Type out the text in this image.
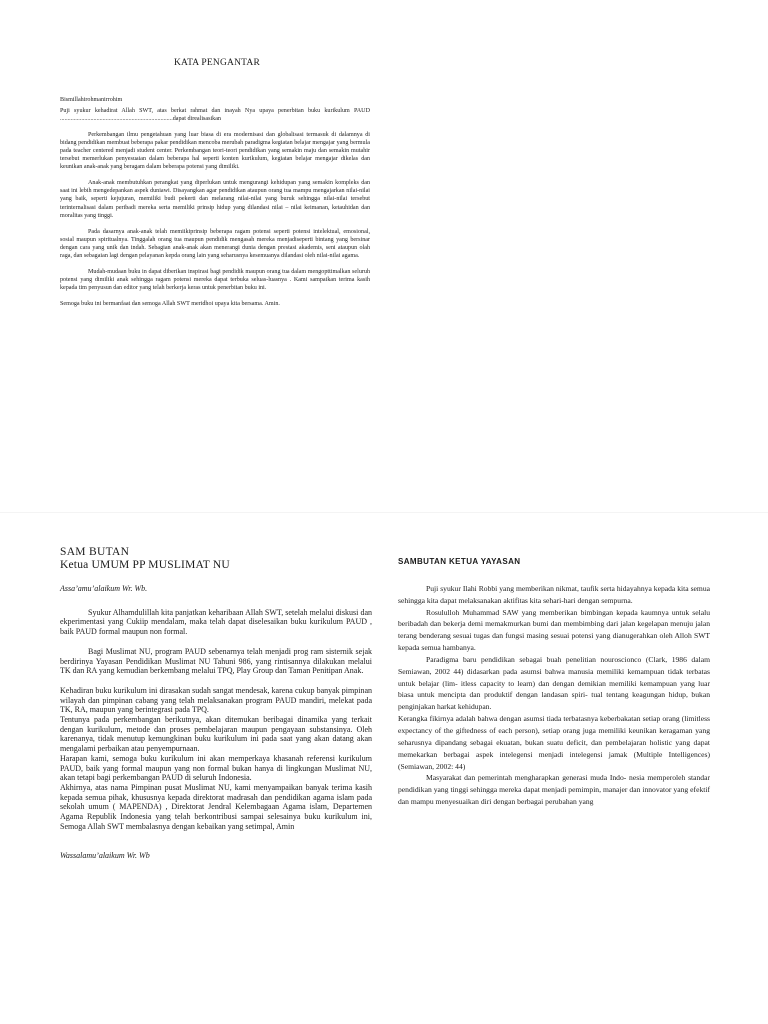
KATA PENGANTAR

Bismillahirohmanirrohim

Puji syukur kehadirat Allah SWT, atas berkat rahmat dan inayah Nya upaya penerbitan buku kurikulum PAUD ..........................................................................dapat direalisasikan

Perkembangan ilmu pengetahuan yang luar biasa di era modernisasi dan globalisasi termasuk di dalamnya di bidang pendidikan membuat beberapa pakar pendidikan mencoba merubah paradigma kegiatan belajar mengajar yang bermula pada teacher centered menjadi student center. Perkembangan teori-teori pendidikan yang semakin maju dan semakin mutahir tersebut memerlukan penyesuaian dalam beberapa hal seperti konten kurikulum, kegiatan belajar mengajar dikelas dan keunikan anak-anak yang beragam dalam beberapa potensi yang dimiliki.

Anak-anak membutuhkan perangkat yang diperlukan untuk mengurangi kehidupan yang semakin kompleks dan saat ini lebih mengedepankan aspek duniawi. Disayangkan agar pendidikan ataupun orang tua mampu mengajarkan nilai-nilai yang baik, seperti kejujuran, memiliki budi pekerti dan melarang nilai-nilai yang buruk sehingga nilai-nilai tersebut terinternalisasi dalam peribadi mereka serta memiliki prinsip hidup yang dilandasi nilai – nilai keimanan, ketauhidan dan moralitas yang tinggi.

Pada dasarnya anak-anak telah memiikiprinsip beberapa ragam potensi seperti potensi intelektual, emosional, sosial maupun spiritualnya. Tinggalah orang tua maupun pendidik mengasah mereka menjadiseperti bintang yang bersinar dengan cara yang unik dan indah. Sebagian anak-anak akan menerangi dunia dengan prestasi akademis, seni ataupun olah raga, dan sebagaian lagi dengan pelayanan kepda orang lain yang seharusnya kesemuanya dilandasi oleh nilai-nilai agama.

Mudah-mudaan buku in dapat diberikan inspirasi bagi pendidik maupun orang tua dalam mengopttimalkan seluruh potensi yang dimiliki anak sehingga ragam potensi mereka dapat terbuka seluas-luasnya . Kami sampaikan terima kasih kepada tim penyusun dan editor yang telah berkerja keras untuk penerbitan buku ini.

Semoga buku ini bermanfaat dan semoga Allah SWT meridhoi upaya kita bersama. Amin.

SAM BUTAN
Ketua UMUM PP MUSLIMAT NU

Assa’amu’alaikum Wr. Wb.

Syukur Alhamdulillah kita panjatkan keharibaan Allah SWT, setelah melalui diskusi dan ekperimentasi yang Cukiip mendalam, maka telah dapat diselesaikan buku kurikulum PAUD , baik PAUD formal maupun non formal.

Bagi Muslimat NU, program PAUD sebenarnya telah menjadi prog ram sisternik sejak berdirinya Yayasan Pendidikan Muslimat NU Tahuni 986, yang rintisannya dilakukan melalui TK dan RA yang kemudian berkembang melalui TPQ, Play Group dan Taman Penitipan Anak.

Kehadiran buku kurikulum ini dirasakan sudah sangat mendesak, karena cukup banyak pimpinan wilayah dan pimpinan cabang yang telah melaksanakan program PAUD mandiri, melekat pada TK, RA, maupun yang berintegrasi pada TPQ.

Tentunya pada perkembangan berikutnya, akan ditemukan beribagai dinamika yang terkait dengan kurikulum, metode dan proses pembelajaran maupun pengayaan substansinya. Oleh karenanya, tidak menutup kemungkinan buku kurikulum ini pada saat yang akan datang akan mengalami perbaikan atau penyempurnaan.

Harapan kami, semoga buku kurikulum ini akan memperkaya khasanah referensi kurikulum PAUD, baik yang formal maupun yang non formal bukan hanya di lingkungan Muslimat NU, akan tetapi bagi perkembangan PAUD di seluruh Indonesia.

Akhirnya, atas nama Pimpinan pusat Muslimat NU, kami menyampaikan banyak terima kasih kepada semua pihak, khususnya kepada direktorat madrasah dan pendidikan agama islam pada sekolah umum ( MAPENDA) , Direktorat Jendral Kelembagaan Agama islam, Departemen Agama Republik Indonesia yang telah berkontribusi sampai selesainya buku kurikulum ini, Semoga Allah SWT membalasnya dengan kebaikan yang setimpal, Amin

Wassalamu’alaikum Wr. Wb

SAMBUTAN KETUA YAYASAN

Puji syukur Ilahi Robbi yang memberikan nikmat, taufik serta hidayahnya kepada kita semua sehingga kita dapat melaksanakan aktifitas kita sehari-hari dengan sempurna.

Rosululloh Muhammad SAW yang memberikan bimbingan kepada kaumnya untuk selalu beribadah dan bekerja demi memakmurkan bumi dan membimbing dari jalan kegelapan menuju jalan terang benderang sesuai tugas dan fungsi masing sesuai potensi yang dianugerahkan oleh Alloh SWT kepada semua hambanya.

Paradigma baru pendidikan sebagai buah penelitian nouroscionco (Clark, 1986 dalam Semiawan, 2002 44) didasarkan pada asumsi bahwa manusia memiliki kemampuan tidak terbatas untuk belajar (lim- itless capacity to learn) dan dengan demikian memiliki kemampuan yang luar biasa untuk mencipta dan produktif dengan landasan spiri- tual tentang keagungan hidup, bukan penginjakan harkat kehidupan.

Kerangka fikirnya adalah bahwa dengan asumsi tiada terbatasnya keberbakatan setiap orang (limitless expectancy of the giftedness of each person), setiap orang juga memiliki keunikan keragaman yang seharusnya dipandang sebagai ekuatan, bukan suatu deficit, dan pembelajaran holistic yang dapat memekarkan berbagai aspek intelegensi menjadi intelegensi jamak (Multiple Intelligences) (Semiawan, 2002: 44)

Masyarakat dan pemerintah mengharapkan generasi muda Indo- nesia memperoleh standar pendidikan yang tinggi sehingga mereka dapat menjadi pemimpin, manajer dan innovator yang efektif dan mampu menyesuaikan diri dengan berbagai perubahan yang
